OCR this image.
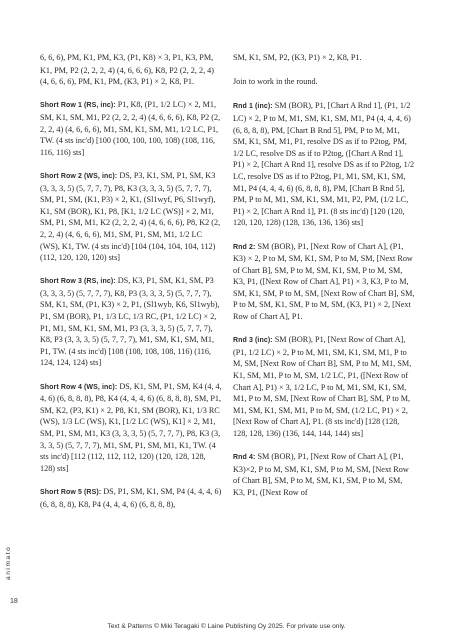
6, 6, 6), PM, K1, PM, K3, (P1, K8) × 3, P1, K3, PM, K1, PM, P2 (2, 2, 2, 4) (4, 6, 6, 6), K8, P2 (2, 2, 2, 4) (4, 6, 6, 6), PM, K1, PM, (K3, P1) × 2, K8, P1.

Short Row 1 (RS, inc): P1, K8, (P1, 1/2 LC) × 2, M1, SM, K1, SM, M1, P2 (2, 2, 2, 4) (4, 6, 6, 6), K8, P2 (2, 2, 2, 4) (4, 6, 6, 6), M1, SM, K1, SM, M1, 1/2 LC, P1, TW. (4 sts inc'd) [100 (100, 100, 100, 108) (108, 116, 116, 116) sts]

Short Row 2 (WS, inc): DS, P3, K1, SM, P1, SM, K3 (3, 3, 3, 5) (5, 7, 7, 7), P8, K3 (3, 3, 3, 5) (5, 7, 7, 7), SM, P1, SM, (K1, P3) × 2, K1, (Sl1wyf, P6, Sl1wyf), K1, SM (BOR), K1, P8, [K1, 1/2 LC (WS)] × 2, M1, SM, P1, SM, M1, K2 (2, 2, 2, 4) (4, 6, 6, 6), P8, K2 (2, 2, 2, 4) (4, 6, 6, 6), M1, SM, P1, SM, M1, 1/2 LC (WS), K1, TW. (4 sts inc'd) [104 (104, 104, 104, 112) (112, 120, 120, 120) sts]

Short Row 3 (RS, inc): DS, K3, P1, SM, K1, SM, P3 (3, 3, 3, 5) (5, 7, 7, 7), K8, P3 (3, 3, 3, 5) (5, 7, 7, 7), SM, K1, SM, (P1, K3) × 2, P1, (Sl1wyb, K6, Sl1wyb), P1, SM (BOR), P1, 1/3 LC, 1/3 RC, (P1, 1/2 LC) × 2, P1, M1, SM, K1, SM, M1, P3 (3, 3, 3, 5) (5, 7, 7, 7), K8, P3 (3, 3, 3, 5) (5, 7, 7, 7), M1, SM, K1, SM, M1, P1, TW. (4 sts inc'd) [108 (108, 108, 108, 116) (116, 124, 124, 124) sts]

Short Row 4 (WS, inc): DS, K1, SM, P1, SM, K4 (4, 4, 4, 6) (6, 8, 8, 8), P8, K4 (4, 4, 4, 6) (6, 8, 8, 8), SM, P1, SM, K2, (P3, K1) × 2, P8, K1, SM (BOR), K1, 1/3 RC (WS), 1/3 LC (WS), K1, [1/2 LC (WS), K1] × 2, M1, SM, P1, SM, M1, K3 (3, 3, 3, 5) (5, 7, 7, 7), P8, K3 (3, 3, 3, 5) (5, 7, 7, 7), M1, SM, P1, SM, M1, K1, TW. (4 sts inc'd) [112 (112, 112, 112, 120) (120, 128, 128, 128) sts]

Short Row 5 (RS): DS, P1, SM, K1, SM, P4 (4, 4, 4, 6) (6, 8, 8, 8), K8, P4 (4, 4, 4, 6) (6, 8, 8, 8),

SM, K1, SM, P2, (K3, P1) × 2, K8, P1.

Join to work in the round.

Rnd 1 (inc): SM (BOR), P1, [Chart A Rnd 1], (P1, 1/2 LC) × 2, P to M, M1, SM, K1, SM, M1, P4 (4, 4, 4, 6) (6, 8, 8, 8), PM, [Chart B Rnd 5], PM, P to M, M1, SM, K1, SM, M1, P1, resolve DS as if to P2tog, PM, 1/2 LC, resolve DS as if to P2tog, ([Chart A Rnd 1], P1) × 2, [Chart A Rnd 1], resolve DS as if to P2tog, 1/2 LC, resolve DS as if to P2tog, P1, M1, SM, K1, SM, M1, P4 (4, 4, 4, 6) (6, 8, 8, 8), PM, [Chart B Rnd 5], PM, P to M, M1, SM, K1, SM, M1, P2, PM, (1/2 LC, P1) × 2, [Chart A Rnd 1], P1. (8 sts inc'd) [120 (120, 120, 120, 128) (128, 136, 136, 136) sts]

Rnd 2: SM (BOR), P1, [Next Row of Chart A], (P1, K3) × 2, P to M, SM, K1, SM, P to M, SM, [Next Row of Chart B], SM, P to M, SM, K1, SM, P to M, SM, K3, P1, ([Next Row of Chart A], P1) × 3, K3, P to M, SM, K1, SM, P to M, SM, [Next Row of Chart B], SM, P to M, SM, K1, SM, P to M, SM, (K3, P1) × 2, [Next Row of Chart A], P1.

Rnd 3 (inc): SM (BOR), P1, [Next Row of Chart A], (P1, 1/2 LC) × 2, P to M, M1, SM, K1, SM, M1, P to M, SM, [Next Row of Chart B], SM, P to M, M1, SM, K1, SM, M1, P to M, SM, 1/2 LC, P1, ([Next Row of Chart A], P1) × 3, 1/2 LC, P to M, M1, SM, K1, SM, M1, P to M, SM, [Next Row of Chart B], SM, P to M, M1, SM, K1, SM, M1, P to M, SM, (1/2 LC, P1) × 2, [Next Row of Chart A], P1. (8 sts inc'd) [128 (128, 128, 128, 136) (136, 144, 144, 144) sts]

Rnd 4: SM (BOR), P1, [Next Row of Chart A], (P1, K3)×2, P to M, SM, K1, SM, P to M, SM, [Next Row of Chart B], SM, P to M, SM, K1, SM, P to M, SM, K3, P1, ([Next Row of

animato
18
Text & Patterns © Miki Teragaki © Laine Publishing Oy 2025. For private use only.
